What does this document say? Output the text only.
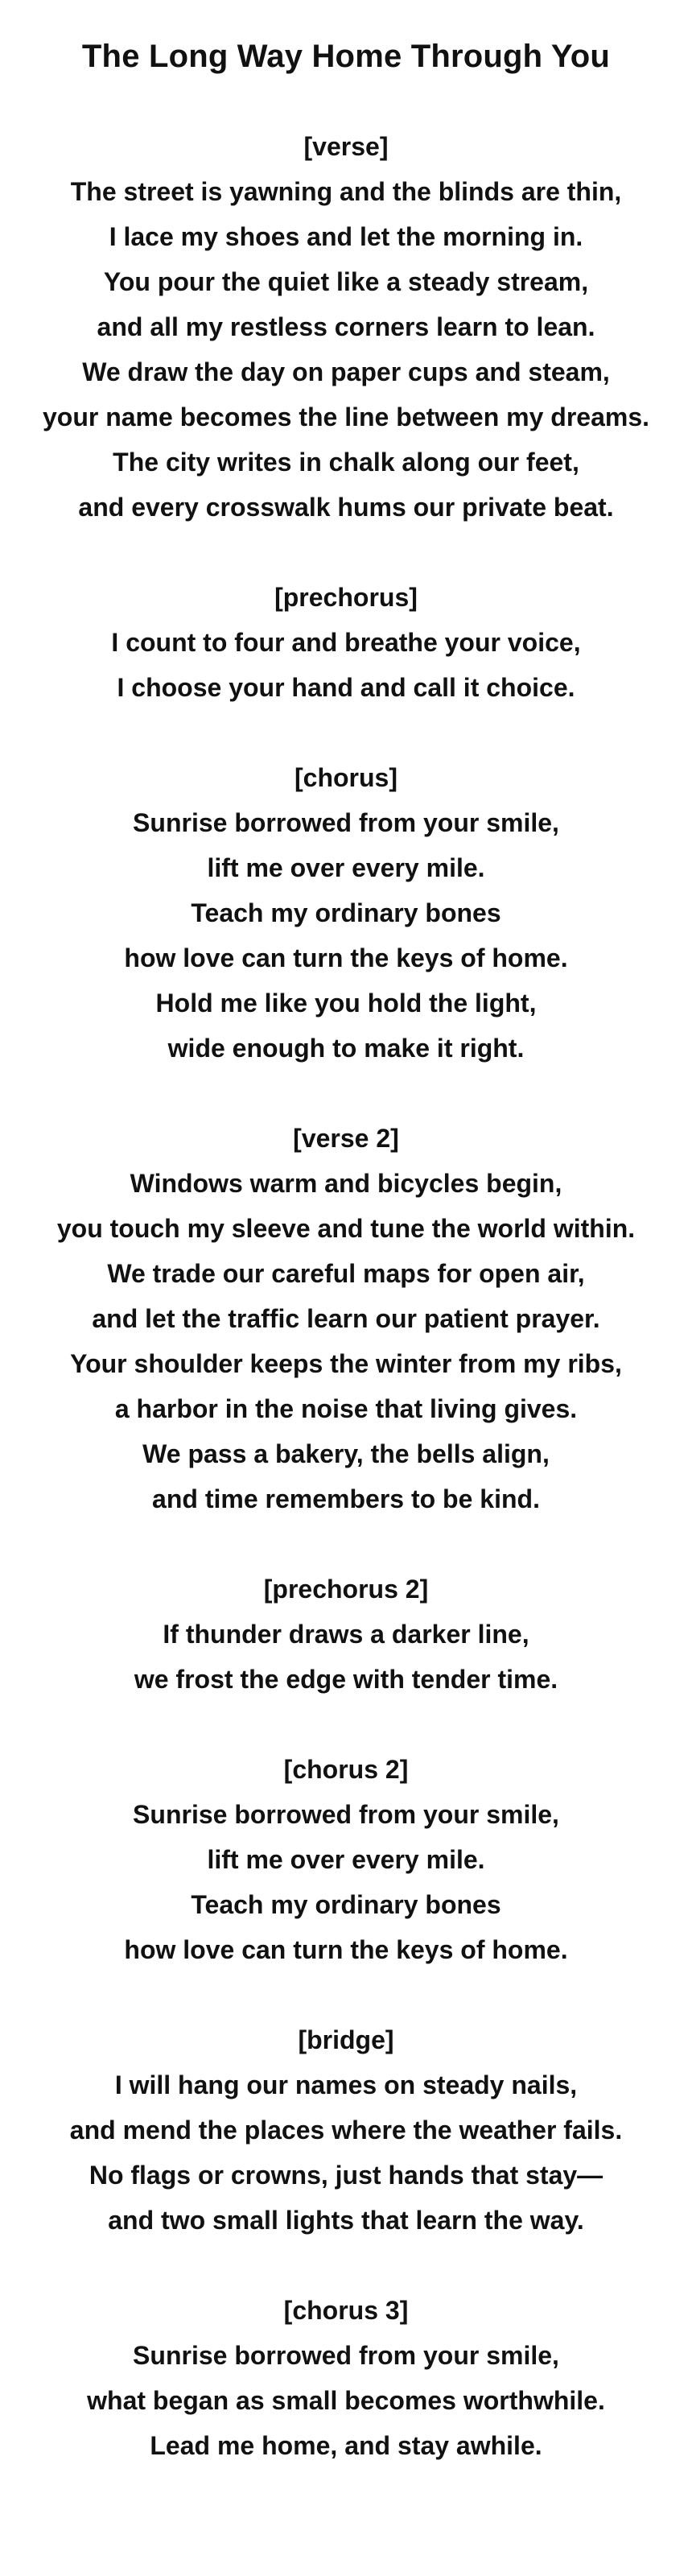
The Long Way Home Through You

[verse]

The street is yawning and the blinds are thin,

I lace my shoes and let the morning in.

You pour the quiet like a steady stream,

and all my restless corners learn to lean.

We draw the day on paper cups and steam,

your name becomes the line between my dreams.

The city writes in chalk along our feet,

and every crosswalk hums our private beat.

[prechorus]

I count to four and breathe your voice,

I choose your hand and call it choice.

[chorus]

Sunrise borrowed from your smile,

lift me over every mile.

Teach my ordinary bones

how love can turn the keys of home.

Hold me like you hold the light,

wide enough to make it right.

[verse 2]

Windows warm and bicycles begin,

you touch my sleeve and tune the world within.

We trade our careful maps for open air,

and let the traffic learn our patient prayer.

Your shoulder keeps the winter from my ribs,

a harbor in the noise that living gives.

We pass a bakery, the bells align,

and time remembers to be kind.

[prechorus 2]

If thunder draws a darker line,

we frost the edge with tender time.

[chorus 2]

Sunrise borrowed from your smile,

lift me over every mile.

Teach my ordinary bones

how love can turn the keys of home.

[bridge]

I will hang our names on steady nails,

and mend the places where the weather fails.

No flags or crowns, just hands that stay—

and two small lights that learn the way.

[chorus 3]

Sunrise borrowed from your smile,

what began as small becomes worthwhile.

Lead me home, and stay awhile.
